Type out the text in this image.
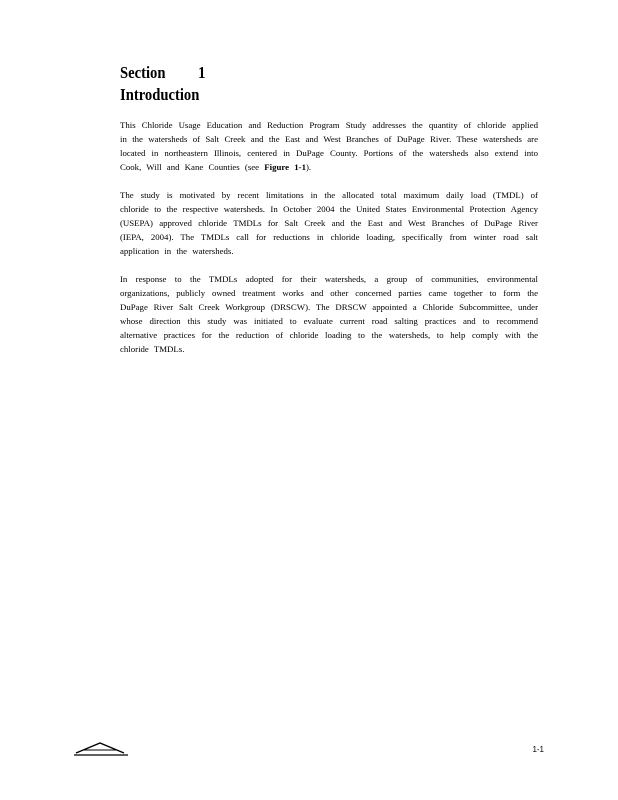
Section 1
Introduction

This Chloride Usage Education and Reduction Program Study addresses the quantity of chloride applied in the watersheds of Salt Creek and the East and West Branches of DuPage River. These watersheds are located in northeastern Illinois, centered in DuPage County. Portions of the watersheds also extend into Cook, Will and Kane Counties (see Figure 1-1).

The study is motivated by recent limitations in the allocated total maximum daily load (TMDL) of chloride to the respective watersheds. In October 2004 the United States Environmental Protection Agency (USEPA) approved chloride TMDLs for Salt Creek and the East and West Branches of DuPage River (IEPA, 2004). The TMDLs call for reductions in chloride loading, specifically from winter road salt application in the watersheds.

In response to the TMDLs adopted for their watersheds, a group of communities, environmental organizations, publicly owned treatment works and other concerned parties came together to form the DuPage River Salt Creek Workgroup (DRSCW). The DRSCW appointed a Chloride Subcommittee, under whose direction this study was initiated to evaluate current road salting practices and to recommend alternative practices for the reduction of chloride loading to the watersheds, to help comply with the chloride TMDLs.

1-1
